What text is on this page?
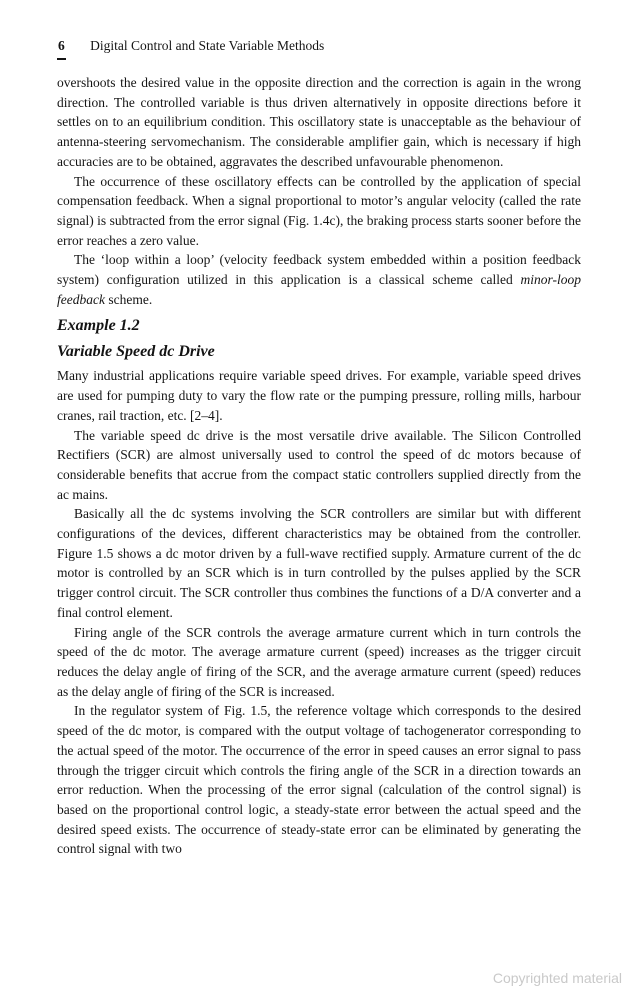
6 Digital Control and State Variable Methods

overshoots the desired value in the opposite direction and the correction is again in the wrong direction. The controlled variable is thus driven alternatively in opposite directions before it settles on to an equilibrium condition. This oscillatory state is unacceptable as the behaviour of antenna-steering servomechanism. The considerable amplifier gain, which is necessary if high accuracies are to be obtained, aggravates the described unfavourable phenomenon.

The occurrence of these oscillatory effects can be controlled by the application of special compensation feedback. When a signal proportional to motor’s angular velocity (called the rate signal) is subtracted from the error signal (Fig. 1.4c), the braking process starts sooner before the error reaches a zero value.

The ‘loop within a loop’ (velocity feedback system embedded within a position feedback system) configuration utilized in this application is a classical scheme called minor-loop feedback scheme.

Example 1.2
Variable Speed dc Drive

Many industrial applications require variable speed drives. For example, variable speed drives are used for pumping duty to vary the flow rate or the pumping pressure, rolling mills, harbour cranes, rail traction, etc. [2–4].

The variable speed dc drive is the most versatile drive available. The Silicon Controlled Rectifiers (SCR) are almost universally used to control the speed of dc motors because of considerable benefits that accrue from the compact static controllers supplied directly from the ac mains.

Basically all the dc systems involving the SCR controllers are similar but with different configurations of the devices, different characteristics may be obtained from the controller. Figure 1.5 shows a dc motor driven by a full-wave rectified supply. Armature current of the dc motor is controlled by an SCR which is in turn controlled by the pulses applied by the SCR trigger control circuit. The SCR controller thus combines the functions of a D/A converter and a final control element.

Firing angle of the SCR controls the average armature current which in turn controls the speed of the dc motor. The average armature current (speed) increases as the trigger circuit reduces the delay angle of firing of the SCR, and the average armature current (speed) reduces as the delay angle of firing of the SCR is increased.

In the regulator system of Fig. 1.5, the reference voltage which corresponds to the desired speed of the dc motor, is compared with the output voltage of tachogenerator corresponding to the actual speed of the motor. The occurrence of the error in speed causes an error signal to pass through the trigger circuit which controls the firing angle of the SCR in a direction towards an error reduction. When the processing of the error signal (calculation of the control signal) is based on the proportional control logic, a steady-state error between the actual speed and the desired speed exists. The occurrence of steady-state error can be eliminated by generating the control signal with two

Copyrighted material
